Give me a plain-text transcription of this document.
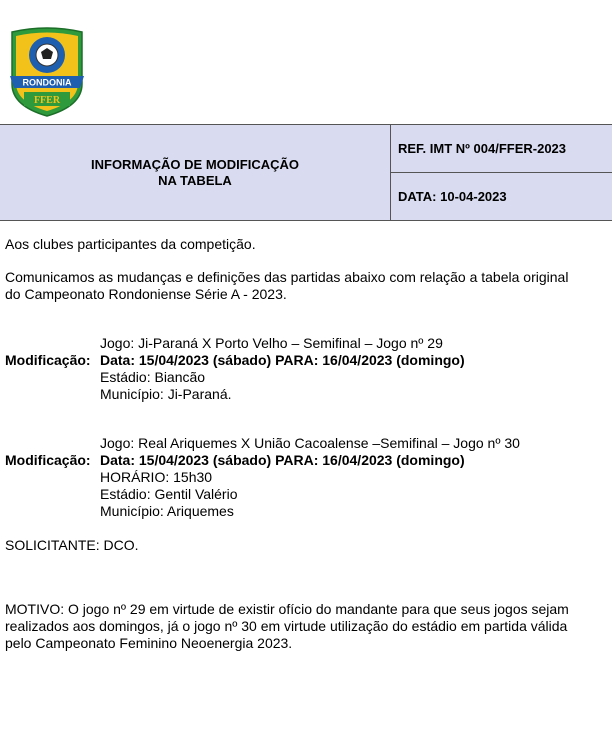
RONDONIA
FFER
INFORMAÇÃO DE MODIFICAÇÃO
NA TABELA
REF. IMT Nº 004/FFER-2023
DATA: 10-04-2023
Aos clubes participantes da competição.
Comunicamos as mudanças e definições das partidas abaixo com relação a tabela original
do Campeonato Rondoniense Série A - 2023.
Jogo: Ji-Paraná X Porto Velho – Semifinal – Jogo nº 29
Modificação: Data: 15/04/2023 (sábado) PARA: 16/04/2023 (domingo)
Estádio: Biancão
Município: Ji-Paraná.
Jogo: Real Ariquemes X União Cacoalense –Semifinal – Jogo nº 30
Modificação: Data: 15/04/2023 (sábado) PARA: 16/04/2023 (domingo)
HORÁRIO: 15h30
Estádio: Gentil Valério
Município: Ariquemes
SOLICITANTE: DCO.
MOTIVO: O jogo nº 29 em virtude de existir ofício do mandante para que seus jogos sejam
realizados aos domingos, já o jogo nº 30 em virtude utilização do estádio em partida válida
pelo Campeonato Feminino Neoenergia 2023.
